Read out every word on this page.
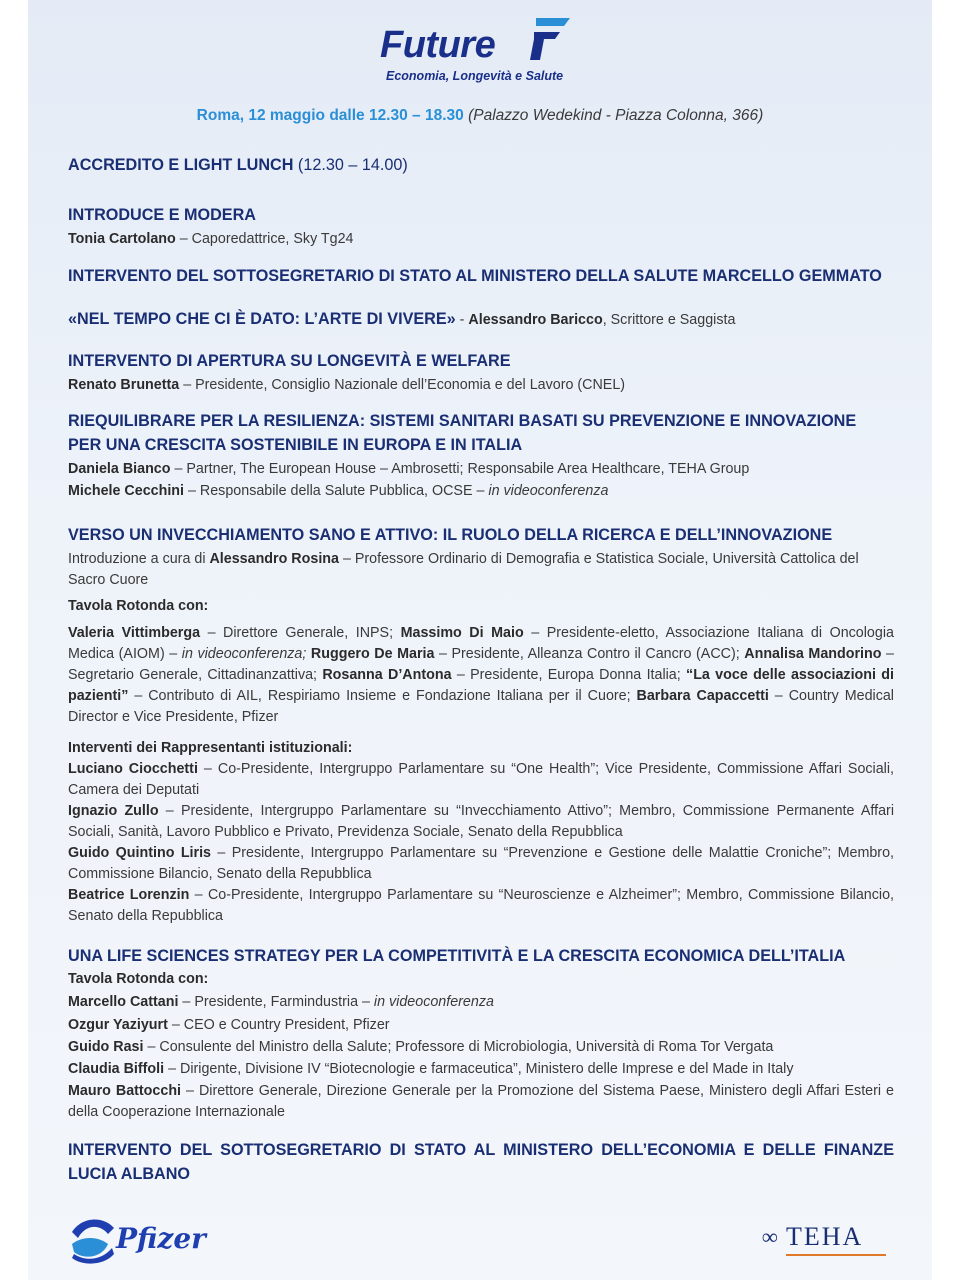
Future
Economia, Longevità e Salute
Roma, 12 maggio dalle 12.30 – 18.30 (Palazzo Wedekind - Piazza Colonna, 366)

ACCREDITO E LIGHT LUNCH (12.30 – 14.00)

INTRODUCE E MODERA

Tonia Cartolano – Caporedattrice, Sky Tg24

INTERVENTO DEL SOTTOSEGRETARIO DI STATO AL MINISTERO DELLA SALUTE MARCELLO GEMMATO

«NEL TEMPO CHE CI È DATO: L’ARTE DI VIVERE» - Alessandro Baricco, Scrittore e Saggista

INTERVENTO DI APERTURA SU LONGEVITÀ E WELFARE

Renato Brunetta – Presidente, Consiglio Nazionale dell’Economia e del Lavoro (CNEL)

RIEQUILIBRARE PER LA RESILIENZA: SISTEMI SANITARI BASATI SU PREVENZIONE E INNOVAZIONE

PER UNA CRESCITA SOSTENIBILE IN EUROPA E IN ITALIA

Daniela Bianco – Partner, The European House – Ambrosetti; Responsabile Area Healthcare, TEHA Group

Michele Cecchini – Responsabile della Salute Pubblica, OCSE – in videoconferenza

VERSO UN INVECCHIAMENTO SANO E ATTIVO: IL RUOLO DELLA RICERCA E DELL’INNOVAZIONE

Introduzione a cura di Alessandro Rosina – Professore Ordinario di Demografia e Statistica Sociale, Università Cattolica del Sacro Cuore

Tavola Rotonda con:

Valeria Vittimberga – Direttore Generale, INPS; Massimo Di Maio – Presidente-eletto, Associazione Italiana di Oncologia Medica (AIOM) – in videoconferenza; Ruggero De Maria – Presidente, Alleanza Contro il Cancro (ACC); Annalisa Mandorino – Segretario Generale, Cittadinanzattiva; Rosanna D’Antona – Presidente, Europa Donna Italia; “La voce delle associazioni di pazienti” – Contributo di AIL, Respiriamo Insieme e Fondazione Italiana per il Cuore; Barbara Capaccetti – Country Medical Director e Vice Presidente, Pfizer

Interventi dei Rappresentanti istituzionali:

Luciano Ciocchetti – Co-Presidente, Intergruppo Parlamentare su “One Health”; Vice Presidente, Commissione Affari Sociali, Camera dei Deputati

Ignazio Zullo – Presidente, Intergruppo Parlamentare su “Invecchiamento Attivo”; Membro, Commissione Permanente Affari Sociali, Sanità, Lavoro Pubblico e Privato, Previdenza Sociale, Senato della Repubblica

Guido Quintino Liris – Presidente, Intergruppo Parlamentare su “Prevenzione e Gestione delle Malattie Croniche”; Membro, Commissione Bilancio, Senato della Repubblica

Beatrice Lorenzin – Co-Presidente, Intergruppo Parlamentare su “Neuroscienze e Alzheimer”; Membro, Commissione Bilancio, Senato della Repubblica

UNA LIFE SCIENCES STRATEGY PER LA COMPETITIVITÀ E LA CRESCITA ECONOMICA DELL’ITALIA

Tavola Rotonda con:

Marcello Cattani – Presidente, Farmindustria – in videoconferenza

Ozgur Yaziyurt – CEO e Country President, Pfizer

Guido Rasi – Consulente del Ministro della Salute; Professore di Microbiologia, Università di Roma Tor Vergata

Claudia Biffoli – Dirigente, Divisione IV “Biotecnologie e farmaceutica”, Ministero delle Imprese e del Made in Italy

Mauro Battocchi – Direttore Generale, Direzione Generale per la Promozione del Sistema Paese, Ministero degli Affari Esteri e della Cooperazione Internazionale

INTERVENTO DEL SOTTOSEGRETARIO DI STATO AL MINISTERO DELL’ECONOMIA E DELLE FINANZE LUCIA ALBANO

Pfizer	∞ TEHA
